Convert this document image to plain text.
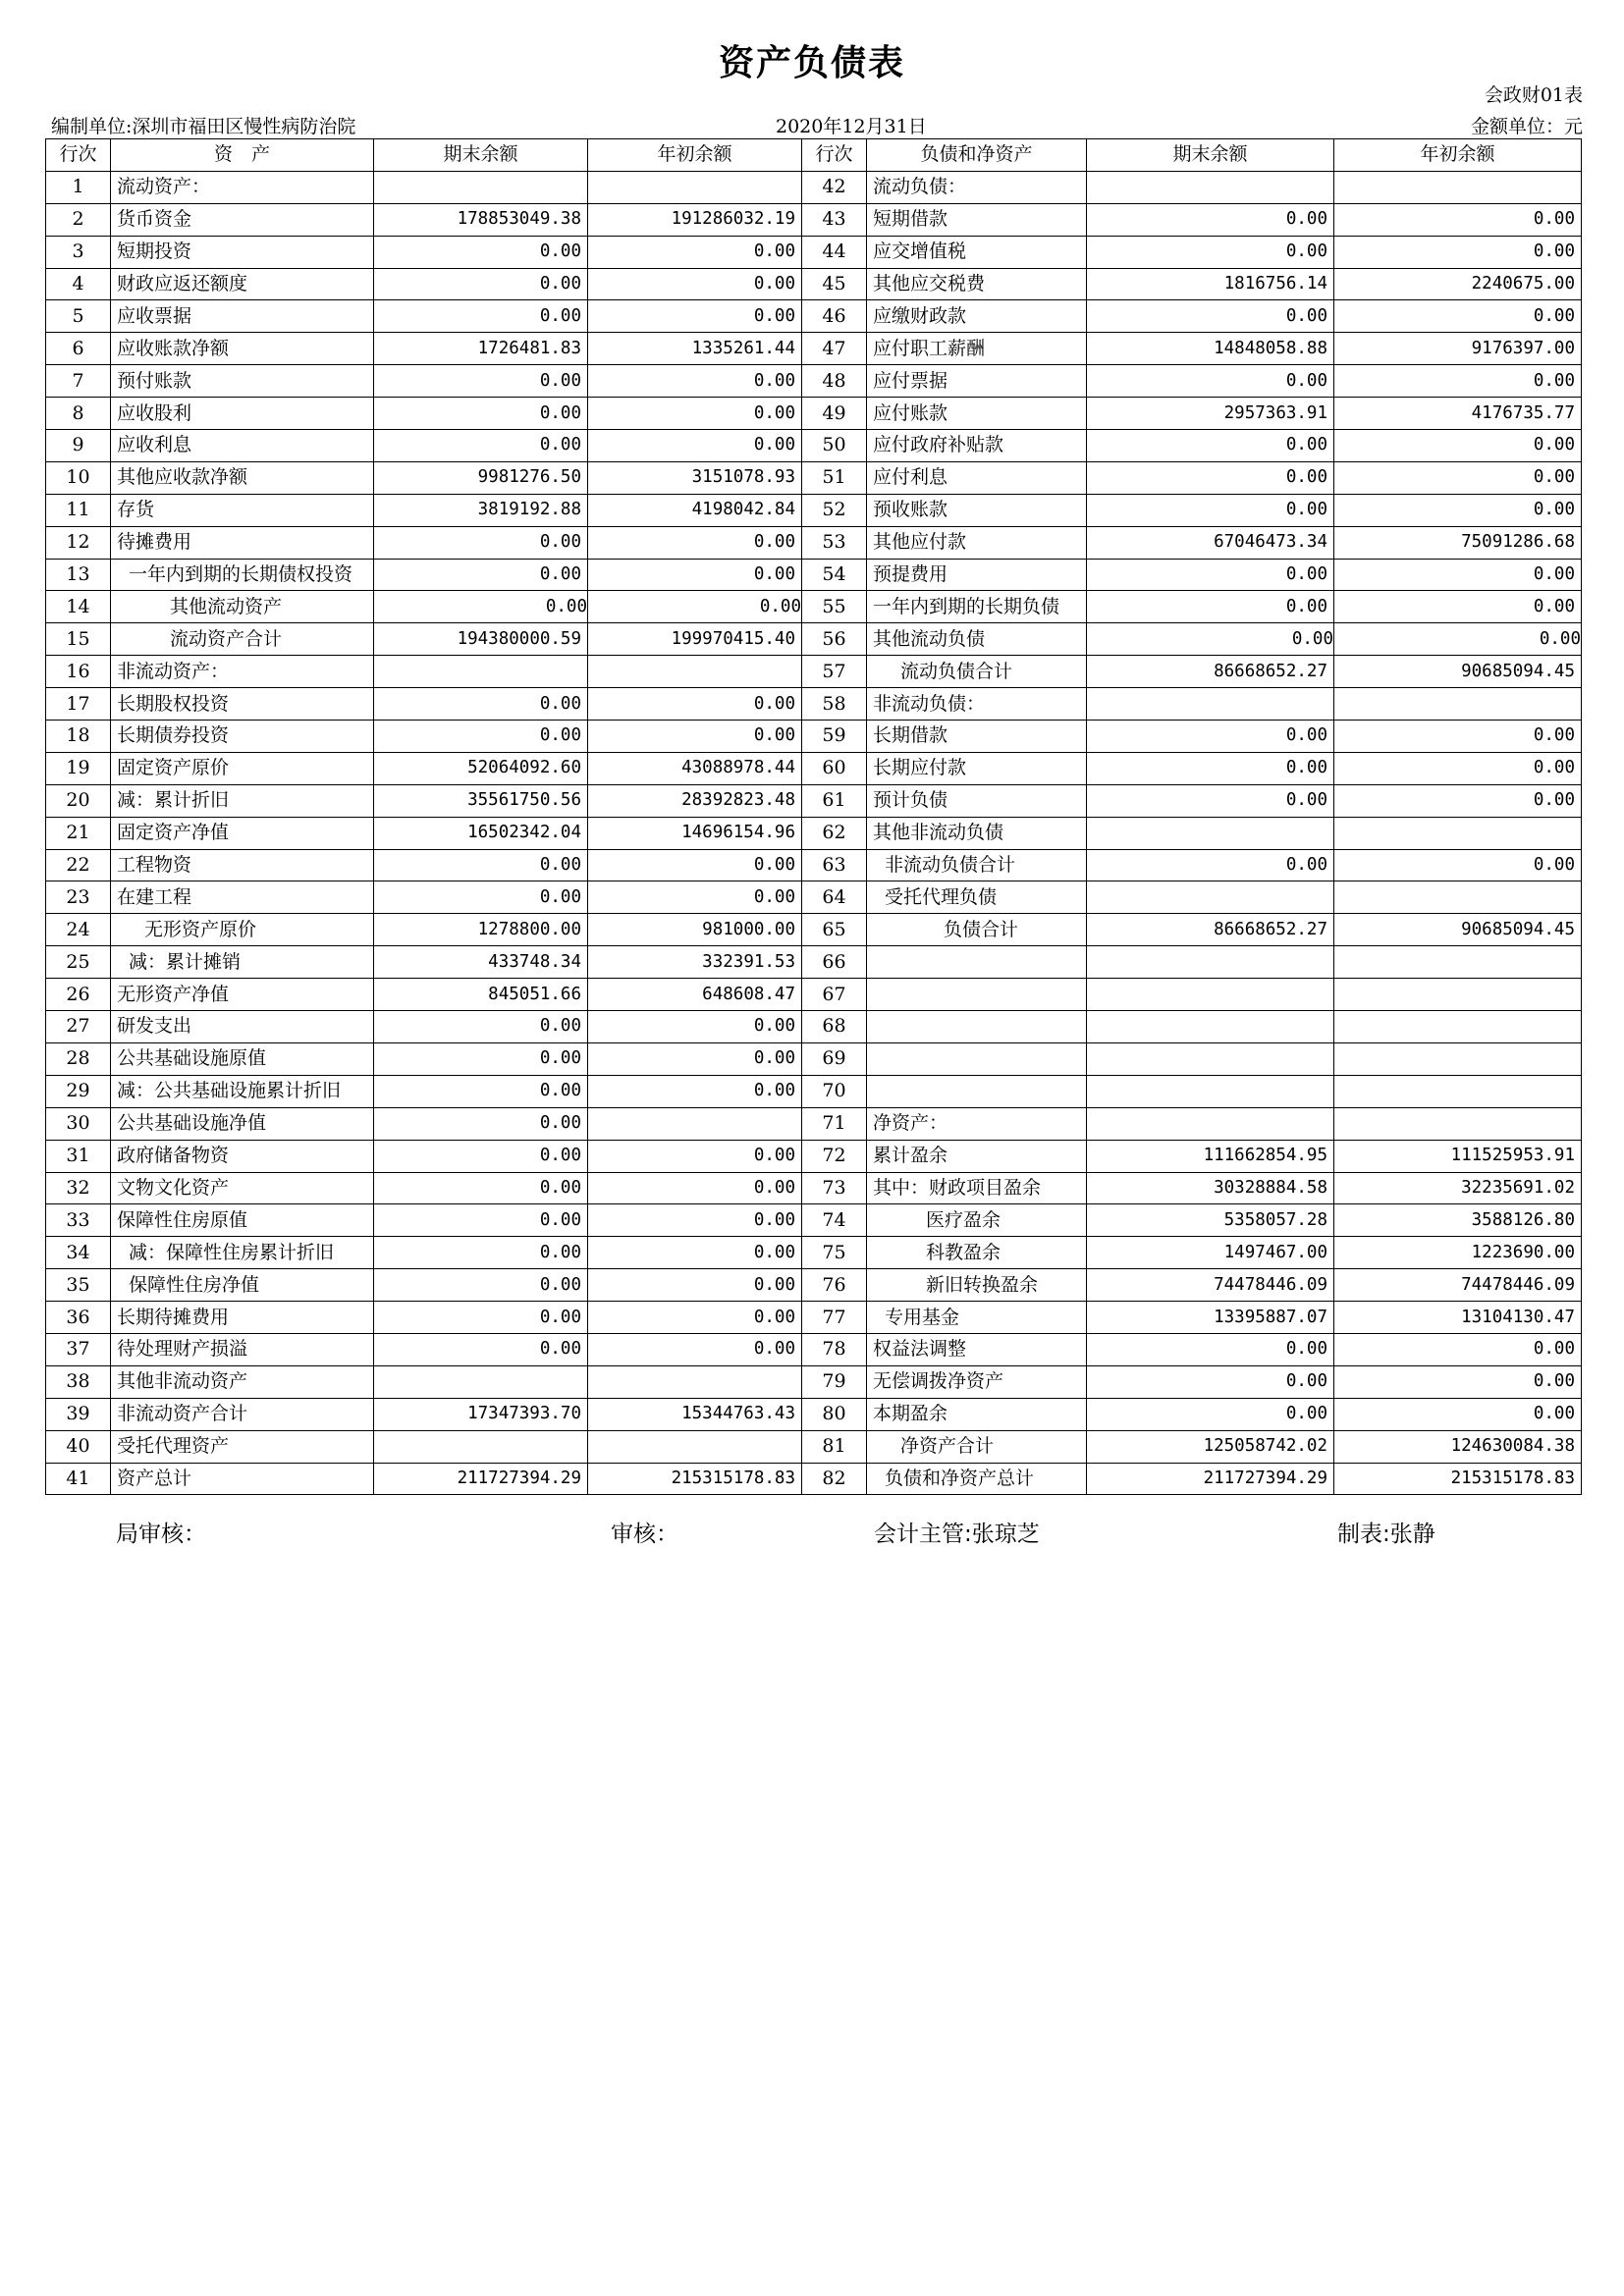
资产负债表
会政财01表
编制单位:深圳市福田区慢性病防治院	2020年12月31日	金额单位：元
行次	资　产	期末余额	年初余额	行次	负债和净资产	期末余额	年初余额
1	流动资产：			42	流动负债：		
2	货币资金	178853049.38	191286032.19	43	短期借款	0.00	0.00
3	短期投资	0.00	0.00	44	应交增值税	0.00	0.00
4	财政应返还额度	0.00	0.00	45	其他应交税费	1816756.14	2240675.00
5	应收票据	0.00	0.00	46	应缴财政款	0.00	0.00
6	应收账款净额	1726481.83	1335261.44	47	应付职工薪酬	14848058.88	9176397.00
7	预付账款	0.00	0.00	48	应付票据	0.00	0.00
8	应收股利	0.00	0.00	49	应付账款	2957363.91	4176735.77
9	应收利息	0.00	0.00	50	应付政府补贴款	0.00	0.00
10	其他应收款净额	9981276.50	3151078.93	51	应付利息	0.00	0.00
11	存货	3819192.88	4198042.84	52	预收账款	0.00	0.00
12	待摊费用	0.00	0.00	53	其他应付款	67046473.34	75091286.68
13	一年内到期的长期债权投资	0.00	0.00	54	预提费用	0.00	0.00
14	其他流动资产	0.00	0.00	55	一年内到期的长期负债	0.00	0.00
15	流动资产合计	194380000.59	199970415.40	56	其他流动负债	0.00	0.00
16	非流动资产：			57	流动负债合计	86668652.27	90685094.45
17	长期股权投资	0.00	0.00	58	非流动负债：		
18	长期债券投资	0.00	0.00	59	长期借款	0.00	0.00
19	固定资产原价	52064092.60	43088978.44	60	长期应付款	0.00	0.00
20	减：累计折旧	35561750.56	28392823.48	61	预计负债	0.00	0.00
21	固定资产净值	16502342.04	14696154.96	62	其他非流动负债		
22	工程物资	0.00	0.00	63	非流动负债合计	0.00	0.00
23	在建工程	0.00	0.00	64	受托代理负债		
24	无形资产原价	1278800.00	981000.00	65	负债合计	86668652.27	90685094.45
25	减：累计摊销	433748.34	332391.53	66			
26	无形资产净值	845051.66	648608.47	67			
27	研发支出	0.00	0.00	68			
28	公共基础设施原值	0.00	0.00	69			
29	减：公共基础设施累计折旧	0.00	0.00	70			
30	公共基础设施净值	0.00		71	净资产：		
31	政府储备物资	0.00	0.00	72	累计盈余	111662854.95	111525953.91
32	文物文化资产	0.00	0.00	73	其中：财政项目盈余	30328884.58	32235691.02
33	保障性住房原值	0.00	0.00	74	医疗盈余	5358057.28	3588126.80
34	减：保障性住房累计折旧	0.00	0.00	75	科教盈余	1497467.00	1223690.00
35	保障性住房净值	0.00	0.00	76	新旧转换盈余	74478446.09	74478446.09
36	长期待摊费用	0.00	0.00	77	专用基金	13395887.07	13104130.47
37	待处理财产损溢	0.00	0.00	78	权益法调整	0.00	0.00
38	其他非流动资产			79	无偿调拨净资产	0.00	0.00
39	非流动资产合计	17347393.70	15344763.43	80	本期盈余	0.00	0.00
40	受托代理资产			81	净资产合计	125058742.02	124630084.38
41	资产总计	211727394.29	215315178.83	82	负债和净资产总计	211727394.29	215315178.83
局审核：	审核：	会计主管:张琼芝	制表:张静
